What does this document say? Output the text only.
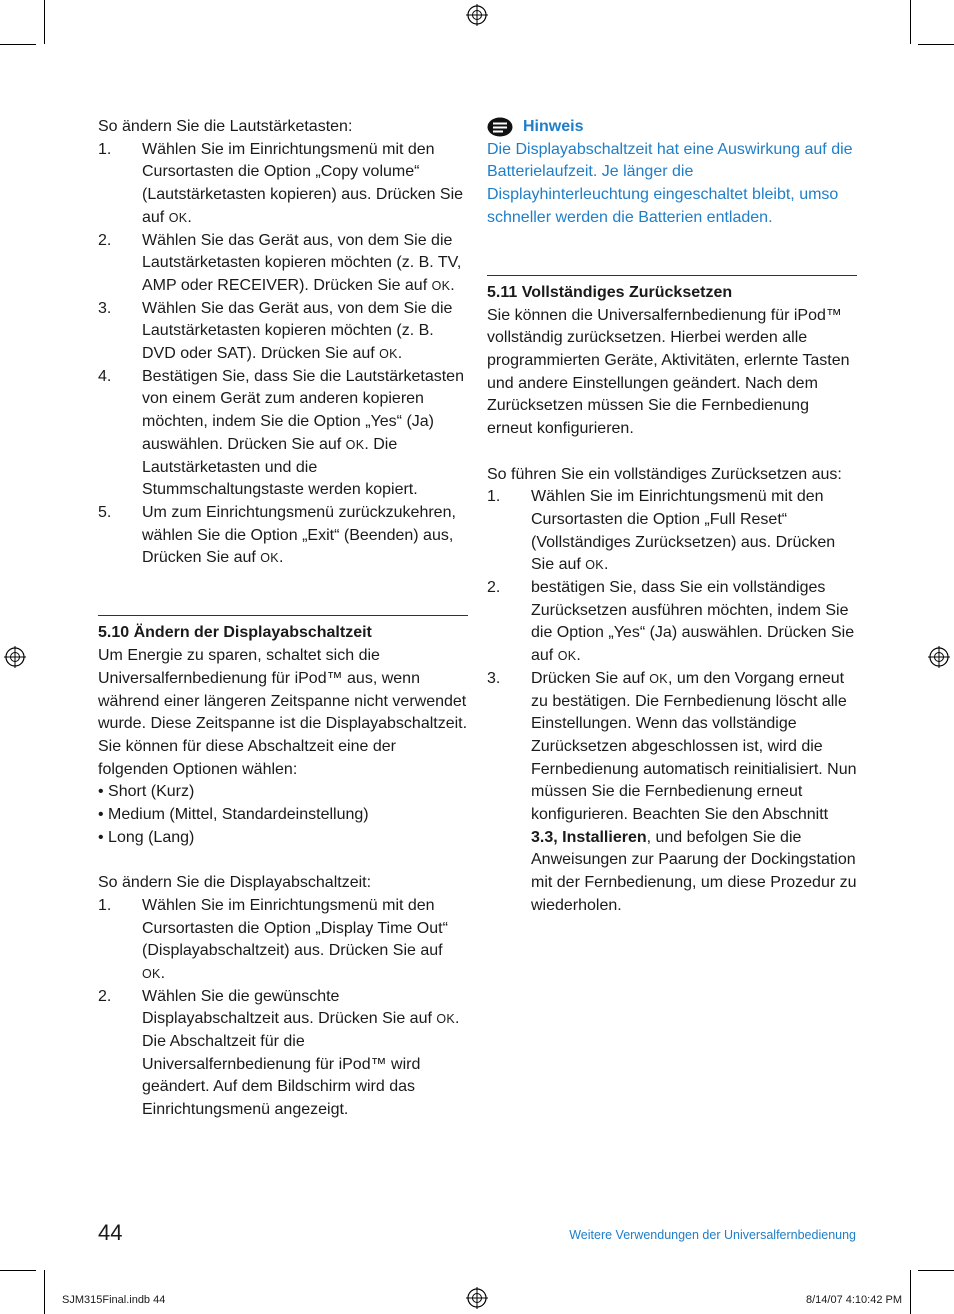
So ändern Sie die Lautstärketasten:

1. Wählen Sie im Einrichtungsmenü mit den Cursortasten die Option „Copy volume“ (Lautstärketasten kopieren) aus. Drücken Sie auf OK.
2. Wählen Sie das Gerät aus, von dem Sie die Lautstärketasten kopieren möchten (z. B. TV, AMP oder RECEIVER). Drücken Sie auf OK.
3. Wählen Sie das Gerät aus, von dem Sie die Lautstärketasten kopieren möchten (z. B. DVD oder SAT). Drücken Sie auf OK.
4. Bestätigen Sie, dass Sie die Lautstärketasten von einem Gerät zum anderen kopieren möchten, indem Sie die Option „Yes“ (Ja) auswählen. Drücken Sie auf OK. Die Lautstärketasten und die Stummschaltungstaste werden kopiert.
5. Um zum Einrichtungsmenü zurückzukehren, wählen Sie die Option „Exit“ (Beenden) aus, Drücken Sie auf OK.

5.10 Ändern der Displayabschaltzeit

Um Energie zu sparen, schaltet sich die Universalfernbedienung für iPod™ aus, wenn während einer längeren Zeitspanne nicht verwendet wurde. Diese Zeitspanne ist die Displayabschaltzeit. Sie können für diese Abschaltzeit eine der folgenden Optionen wählen:

• Short (Kurz)
• Medium (Mittel, Standardeinstellung)
• Long (Lang)

So ändern Sie die Displayabschaltzeit:

1. Wählen Sie im Einrichtungsmenü mit den Cursortasten die Option „Display Time Out“ (Displayabschaltzeit) aus. Drücken Sie auf OK.
2. Wählen Sie die gewünschte Displayabschaltzeit aus. Drücken Sie auf OK. Die Abschaltzeit für die Universalfernbedienung für iPod™ wird geändert. Auf dem Bildschirm wird das Einrichtungsmenü angezeigt.
Hinweis

Die Displayabschaltzeit hat eine Auswirkung auf die Batterielaufzeit. Je länger die Displayhinterleuchtung eingeschaltet bleibt, umso schneller werden die Batterien entladen.

5.11 Vollständiges Zurücksetzen

Sie können die Universalfernbedienung für iPod™ vollständig zurücksetzen. Hierbei werden alle programmierten Geräte, Aktivitäten, erlernte Tasten und andere Einstellungen geändert. Nach dem Zurücksetzen müssen Sie die Fernbedienung erneut konfigurieren.

So führen Sie ein vollständiges Zurücksetzen aus:

1. Wählen Sie im Einrichtungsmenü mit den Cursortasten die Option „Full Reset“ (Vollständiges Zurücksetzen) aus. Drücken Sie auf OK.
2. bestätigen Sie, dass Sie ein vollständiges Zurücksetzen ausführen möchten, indem Sie die Option „Yes“ (Ja) auswählen. Drücken Sie auf OK.
3. Drücken Sie auf OK, um den Vorgang erneut zu bestätigen. Die Fernbedienung löscht alle Einstellungen. Wenn das vollständige Zurücksetzen abgeschlossen ist, wird die Fernbedienung automatisch reinitialisiert. Nun müssen Sie die Fernbedienung erneut konfigurieren. Beachten Sie den Abschnitt 3.3, Installieren, und befolgen Sie die Anweisungen zur Paarung der Dockingstation mit der Fernbedienung, um diese Prozedur zu wiederholen.
44	Weitere Verwendungen der Universalfernbedienung
SJM315Final.indb 44	8/14/07 4:10:42 PM
